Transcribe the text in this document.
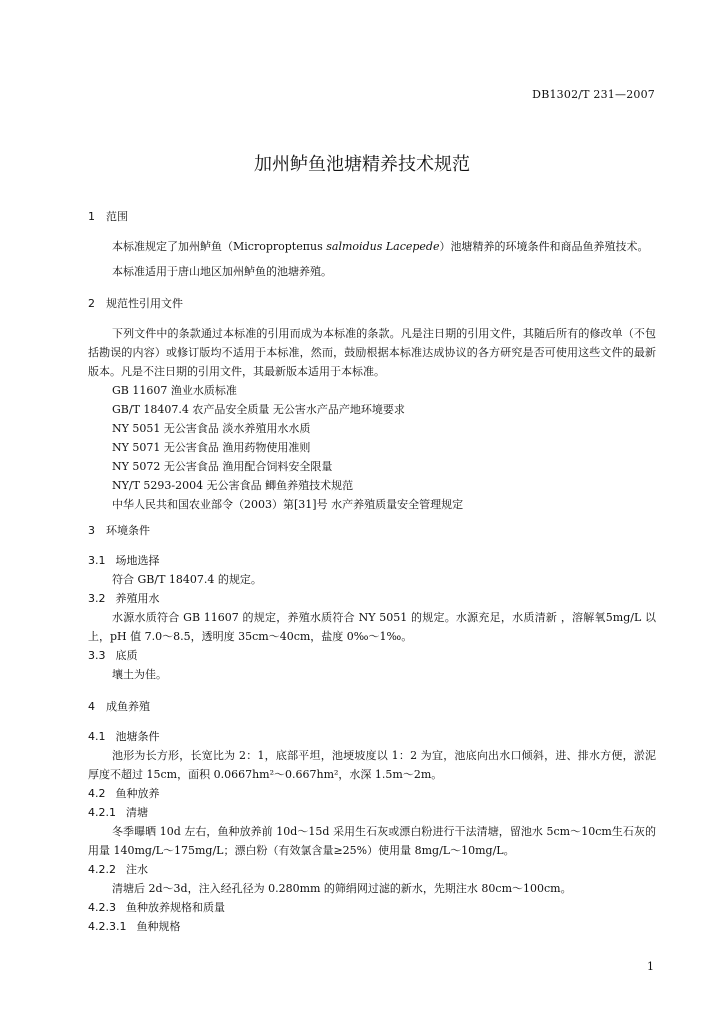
DB1302/T 231—2007
加州鲈鱼池塘精养技术规范
1 范围

本标准规定了加州鲈鱼（Micropropteпus salmoidus Lacepede）池塘精养的环境条件和商品鱼养殖技术。

本标准适用于唐山地区加州鲈鱼的池塘养殖。

2 规范性引用文件

下列文件中的条款通过本标准的引用而成为本标准的条款。凡是注日期的引用文件，其随后所有的修改单（不包括勘误的内容）或修订版均不适用于本标准，然而，鼓励根据本标准达成协议的各方研究是否可使用这些文件的最新版本。凡是不注日期的引用文件，其最新版本适用于本标准。

GB 11607 渔业水质标准
GB/T 18407.4 农产品安全质量 无公害水产品产地环境要求
NY 5051 无公害食品 淡水养殖用水水质
NY 5071 无公害食品 渔用药物使用准则
NY 5072 无公害食品 渔用配合饲料安全限量
NY/T 5293-2004 无公害食品 鲫鱼养殖技术规范
中华人民共和国农业部令（2003）第[31]号 水产养殖质量安全管理规定
3 环境条件
3.1 场地选择

符合 GB/T 18407.4 的规定。

3.2 养殖用水

水源水质符合 GB 11607 的规定，养殖水质符合 NY 5051 的规定。水源充足，水质清新 ，溶解氧5mg/L 以上，pH 值 7.0～8.5，透明度 35cm～40cm，盐度 0‰～1‰。

3.3 底质

壤土为佳。

4 成鱼养殖
4.1 池塘条件

池形为长方形，长宽比为 2：1，底部平坦，池埂坡度以 1：2 为宜，池底向出水口倾斜，进、排水方便，淤泥厚度不超过 15cm，面积 0.0667hm²～0.667hm²，水深 1.5m～2m。

4.2 鱼种放养
4.2.1 清塘

冬季曝晒 10d 左右，鱼种放养前 10d～15d 采用生石灰或漂白粉进行干法清塘，留池水 5cm～10cm生石灰的用量 140mg/L～175mg/L；漂白粉（有效氯含量≥25%）使用量 8mg/L～10mg/L。

4.2.2 注水

清塘后 2d～3d，注入经孔径为 0.280mm 的筛绢网过滤的新水，先期注水 80cm～100cm。

4.2.3 鱼种放养规格和质量
4.2.3.1 鱼种规格
1
